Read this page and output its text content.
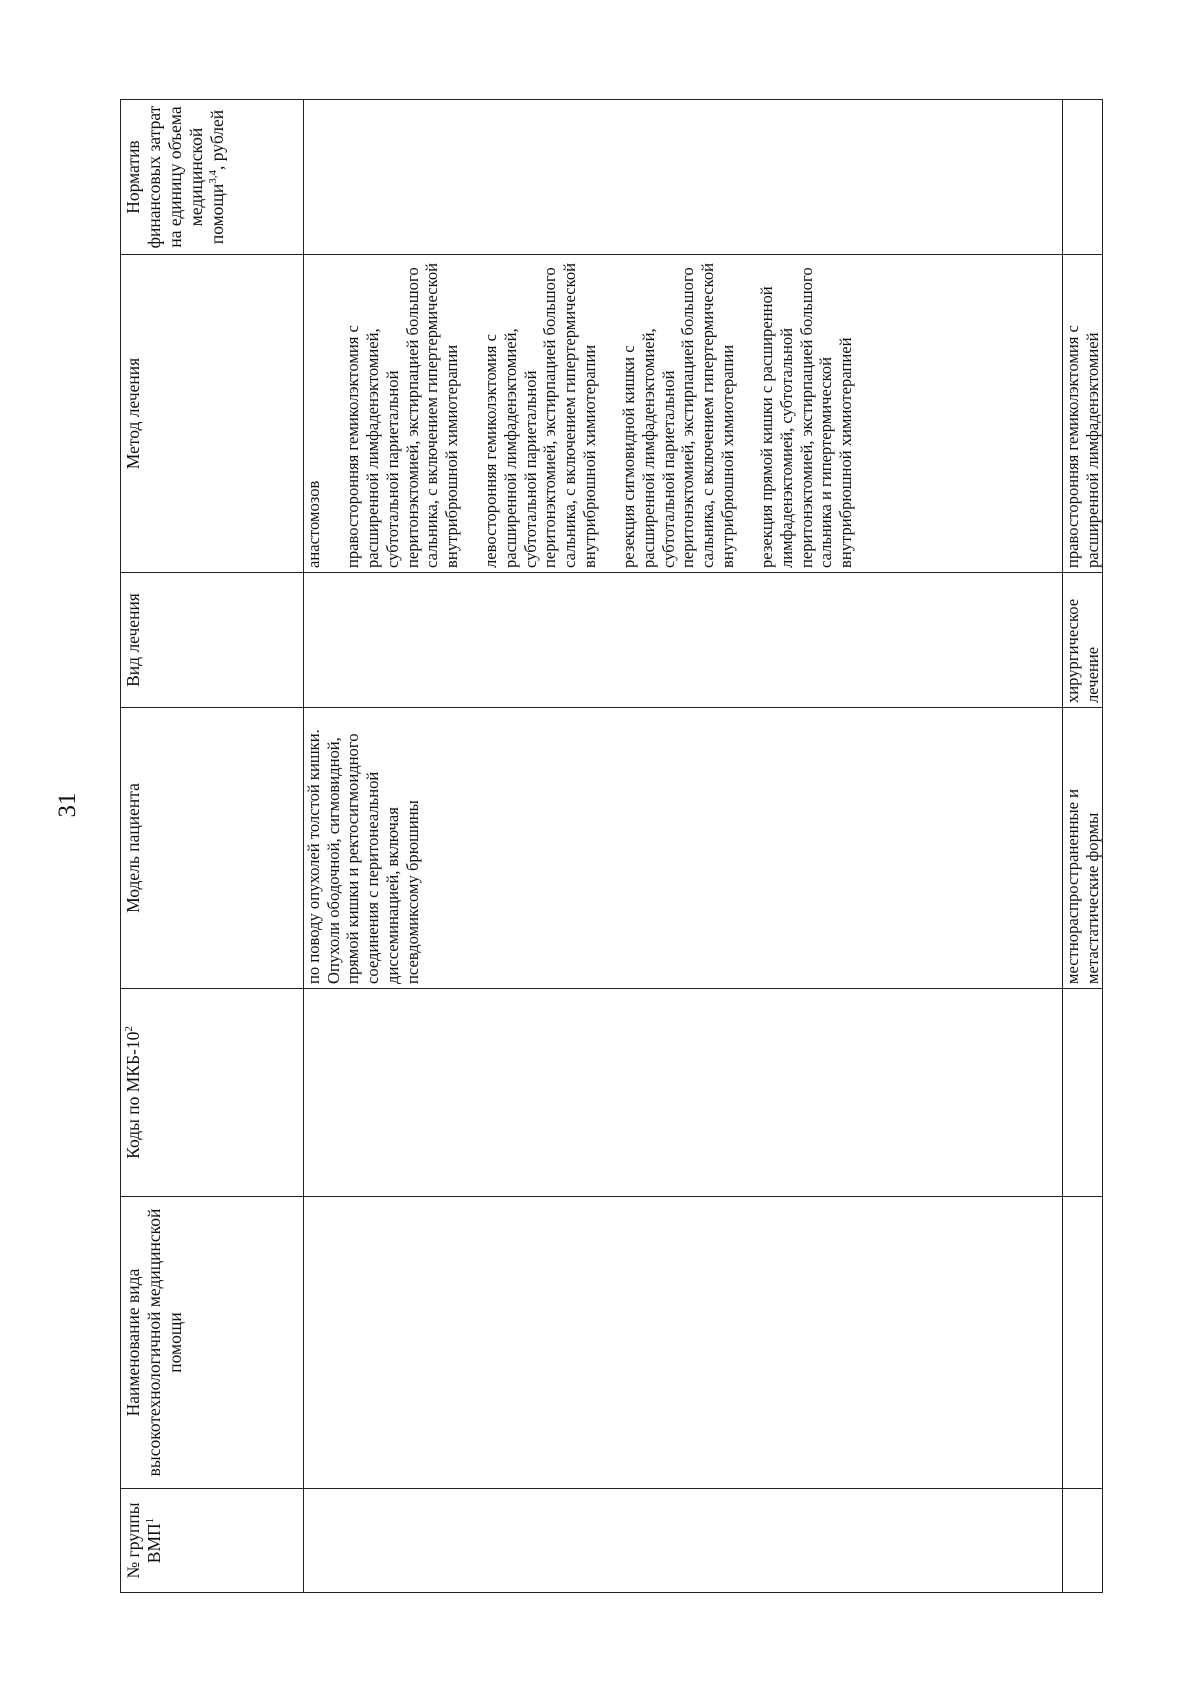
31
№ группы ВМП$^1$	Наименование вида высокотехнологичной медицинской помощи	Коды по МКБ-$10^2$	Модель пациента	Вид лечения	Метод лечения	Норматив финансовых затрат на единицу объема медицинской помощи$^{3,4}$, рублей
			по поводу опухолей толстой кишки. Опухоли ободочной, сигмовидной, прямой кишки и ректосигмоидного соединения с перитонеальной диссеминацией, включая псевдомиксому брюшины		анастомозов правосторонняя гемиколэктомия с расширенной лимфаденэктомией, субтотальной париетальной перитонэктомией, экстирпацией большого сальника, с включением гипертермической внутрибрюшной химиотерапии левосторонняя гемиколэктомия с расширенной лимфаденэктомией, субтотальной париетальной перитонэктомией, экстирпацией большого сальника, с включением гипертермической внутрибрюшной химиотерапии резекция сигмовидной кишки с расширенной лимфаденэктомией, субтотальной париетальной перитонэктомией, экстирпацией большого сальника, с включением гипертермической внутрибрюшной химиотерапии резекция прямой кишки с расширенной лимфаденэктомией, субтотальной перитонэктомией, экстирпацией большого сальника и гипертермической внутрибрюшной химиотерапией	

			местнораспространенные и метастатические формы	хирургическое лечение	правосторонняя гемиколэктомия с расширенной лимфаденэктомией	
